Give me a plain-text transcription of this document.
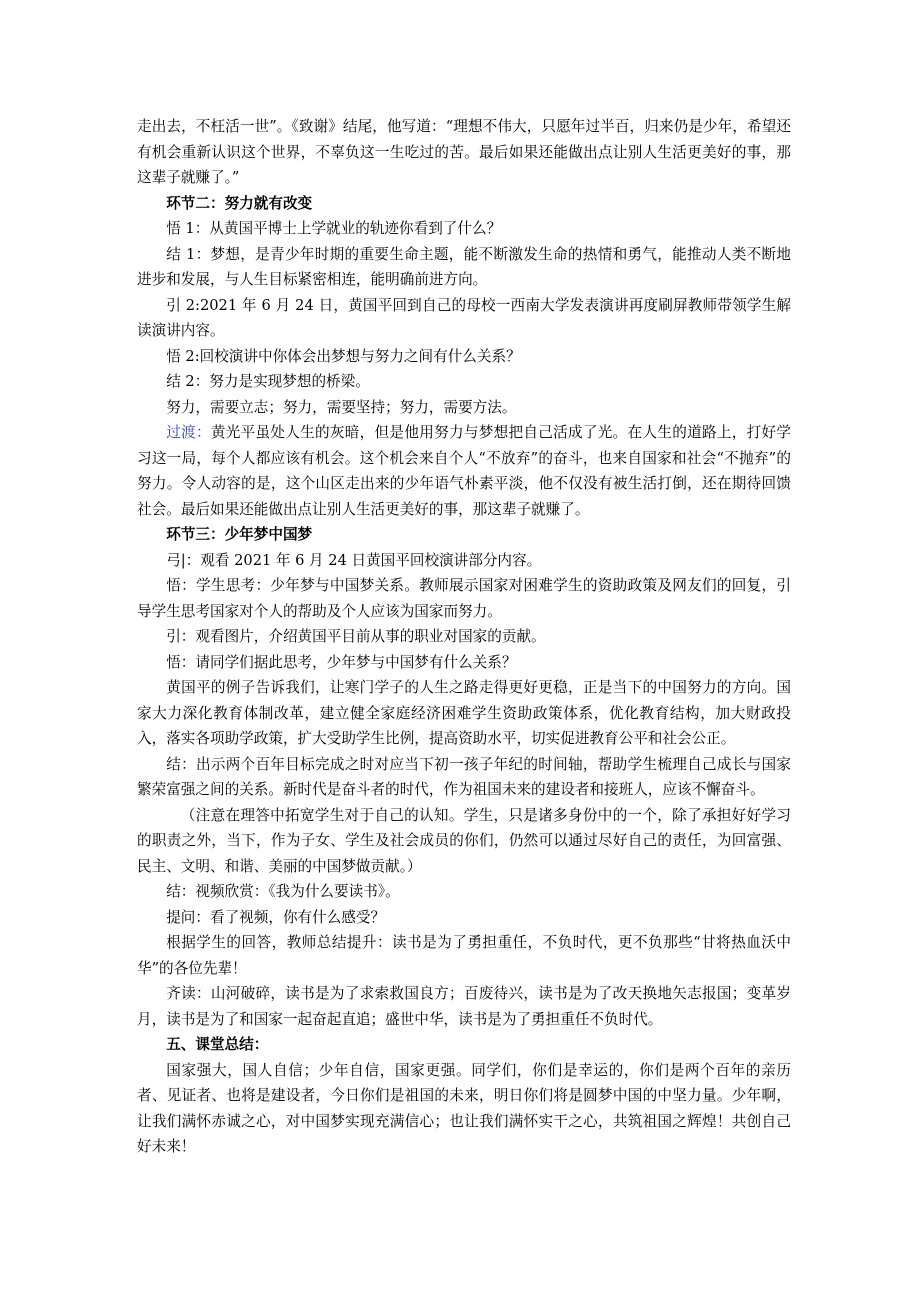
走出去，不枉活一世”。《致谢》结尾，他写道：“理想不伟大，只愿年过半百，归来仍是少年，希望还有机会重新认识这个世界，不辜负这一生吃过的苦。最后如果还能做出点让别人生活更美好的事，那这辈子就赚了。”

环节二：努力就有改变

悟 1：从黄国平博士上学就业的轨迹你看到了什么？

结 1：梦想，是青少年时期的重要生命主题，能不断激发生命的热情和勇气，能推动人类不断地进步和发展，与人生目标紧密相连，能明确前进方向。

引 2:2021 年 6 月 24 日，黄国平回到自己的母校一西南大学发表演讲再度刷屏教师带领学生解读演讲内容。

悟 2:回校演讲中你体会出梦想与努力之间有什么关系？

结 2：努力是实现梦想的桥梁。

努力，需要立志；努力，需要坚持；努力，需要方法。

过渡：黄光平虽处人生的灰暗，但是他用努力与梦想把自己活成了光。在人生的道路上，打好学习这一局，每个人都应该有机会。这个机会来自个人“不放弃”的奋斗，也来自国家和社会“不抛弃”的努力。令人动容的是，这个山区走出来的少年语气朴素平淡，他不仅没有被生活打倒，还在期待回馈社会。最后如果还能做出点让别人生活更美好的事，那这辈子就赚了。

环节三：少年梦中国梦

弓|：观看 2021 年 6 月 24 日黄国平回校演讲部分内容。

悟：学生思考：少年梦与中国梦关系。教师展示国家对困难学生的资助政策及网友们的回复，引导学生思考国家对个人的帮助及个人应该为国家而努力。

引：观看图片，介绍黄国平目前从事的职业对国家的贡献。

悟：请同学们据此思考，少年梦与中国梦有什么关系？

黄国平的例子告诉我们，让寒门学子的人生之路走得更好更稳，正是当下的中国努力的方向。国家大力深化教育体制改革，建立健全家庭经济困难学生资助政策体系，优化教育结构，加大财政投入，落实各项助学政策，扩大受助学生比例，提高资助水平，切实促进教育公平和社会公正。

结：出示两个百年目标完成之时对应当下初一孩子年纪的时间轴，帮助学生梳理自己成长与国家繁荣富强之间的关系。新时代是奋斗者的时代，作为祖国未来的建设者和接班人，应该不懈奋斗。

（注意在理答中拓宽学生对于自己的认知。学生，只是诸多身份中的一个，除了承担好好学习的职责之外，当下，作为子女、学生及社会成员的你们，仍然可以通过尽好自己的责任，为回富强、民主、文明、和谐、美丽的中国梦做贡献。）

结：视频欣赏：《我为什么要读书》。

提问：看了视频，你有什么感受？

根据学生的回答，教师总结提升：读书是为了勇担重任，不负时代，更不负那些“甘将热血沃中华”的各位先辈！

齐读：山河破碎，读书是为了求索救国良方；百废待兴，读书是为了改天换地矢志报国；变革岁月，读书是为了和国家一起奋起直追；盛世中华，读书是为了勇担重任不负时代。

五、课堂总结：

国家强大，国人自信；少年自信，国家更强。同学们，你们是幸运的，你们是两个百年的亲历者、见证者、也将是建设者，今日你们是祖国的未来，明日你们将是圆梦中国的中坚力量。少年啊，让我们满怀赤诚之心，对中国梦实现充满信心；也让我们满怀实干之心，共筑祖国之辉煌！共创自己好未来！
